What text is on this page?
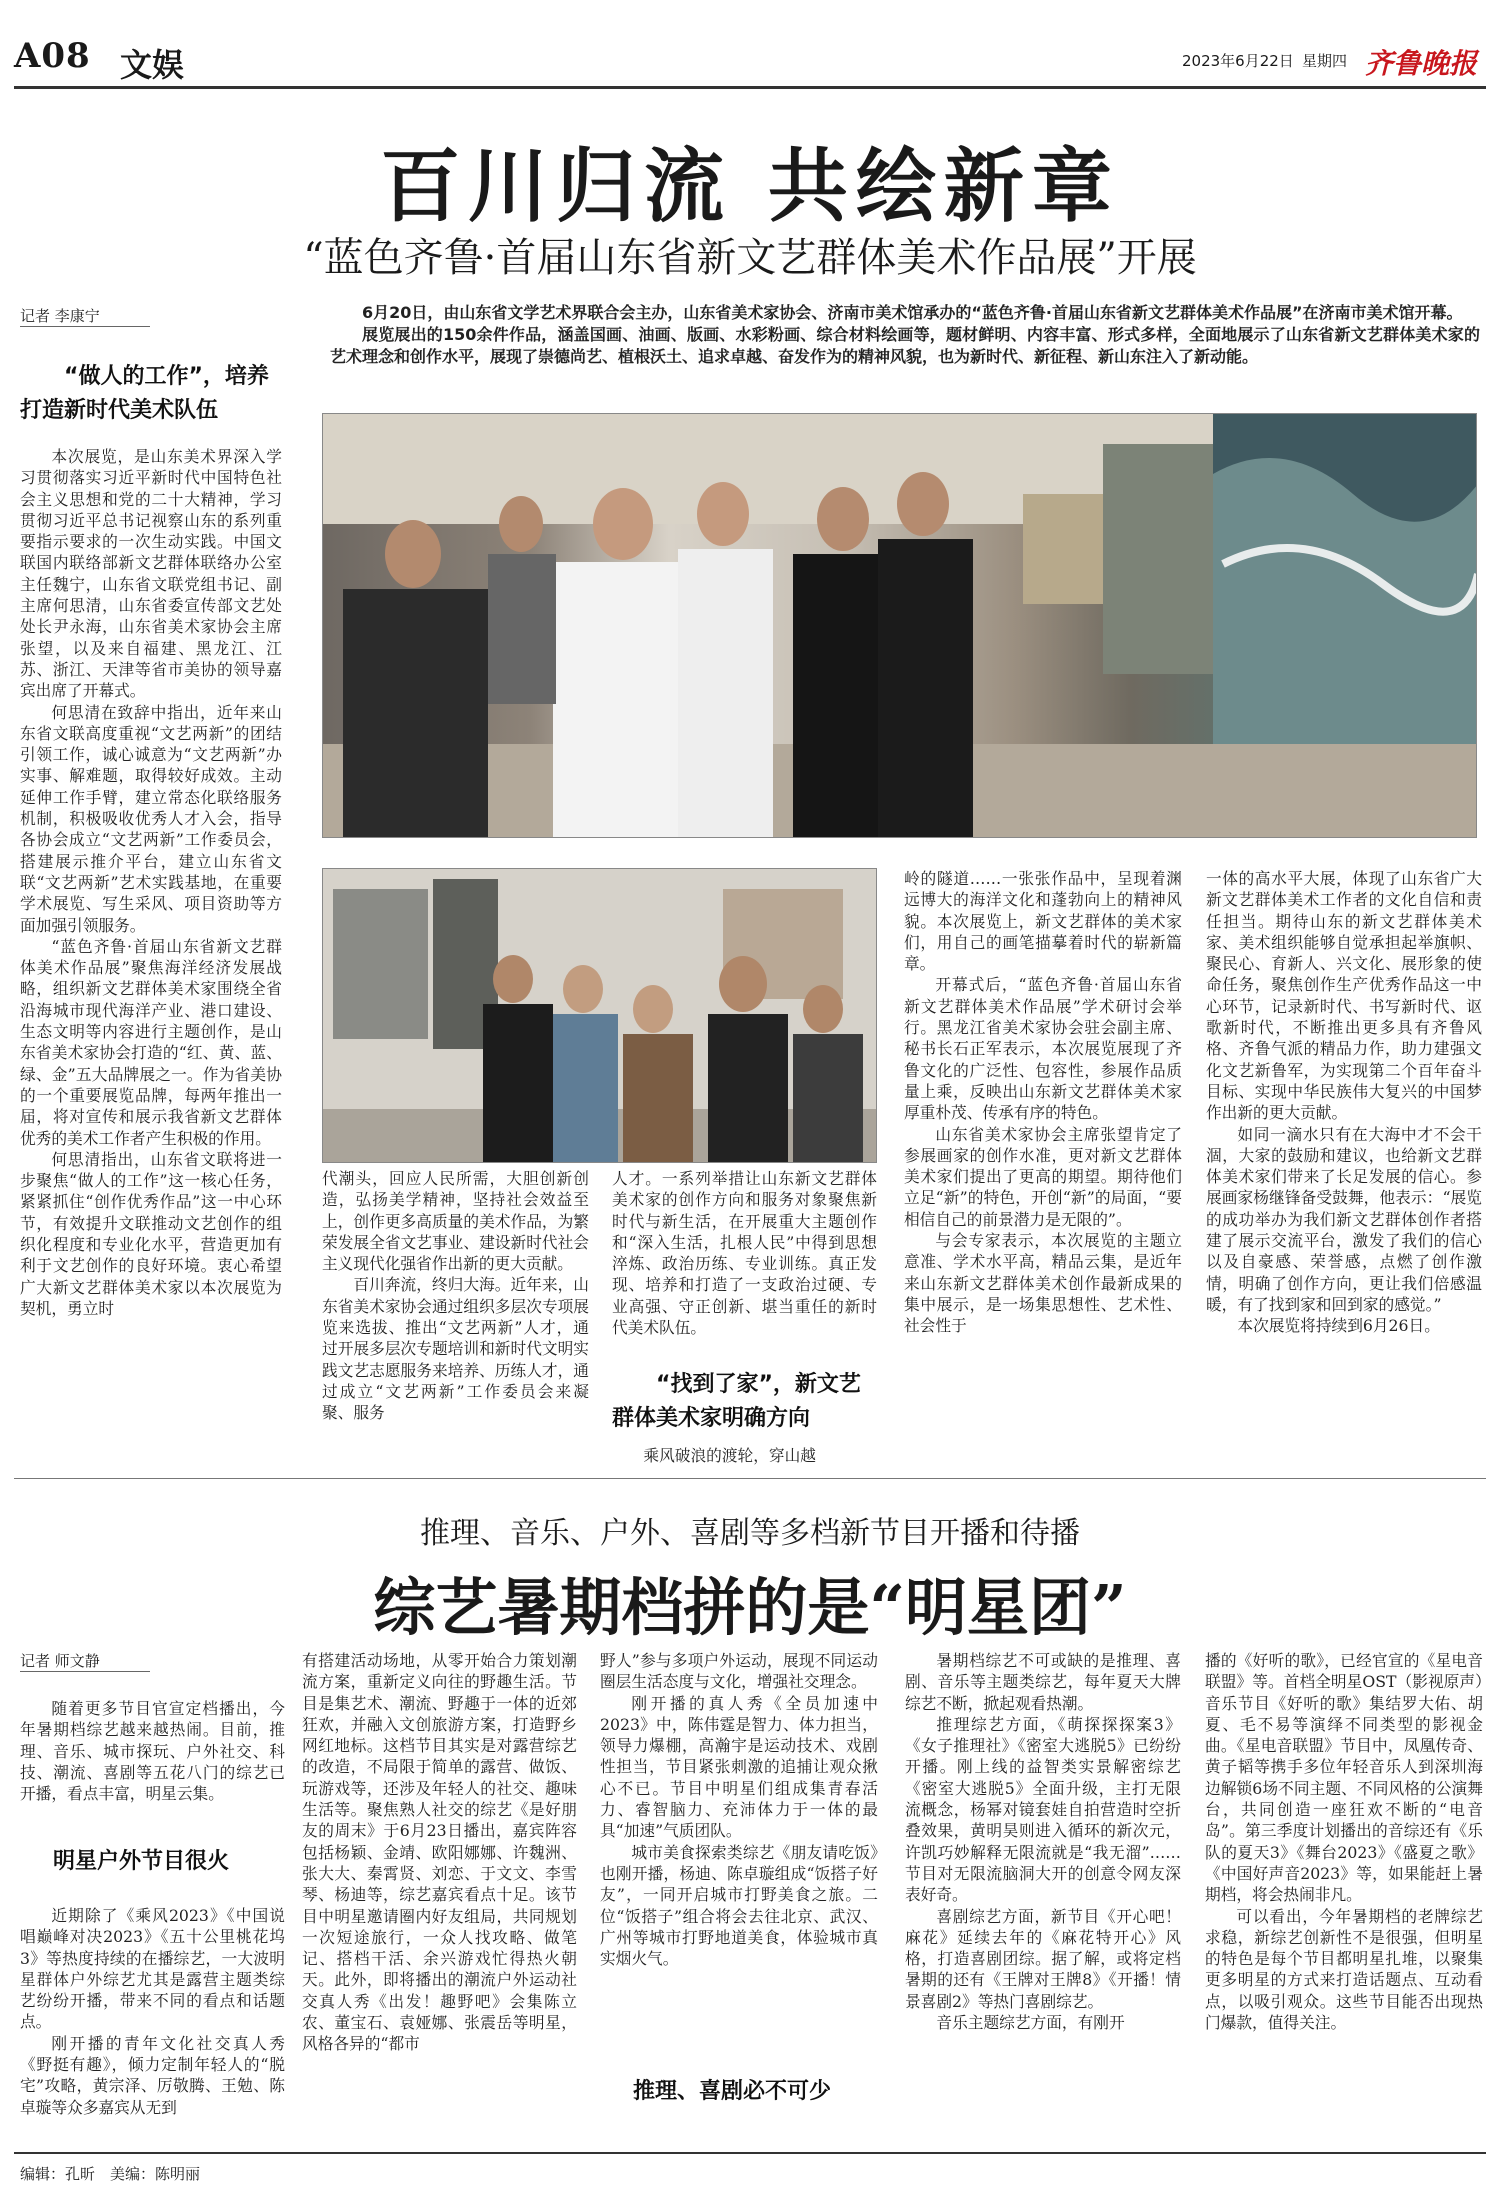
A08 文娱	2023年6月22日 星期四 齐鲁晚报
百川归流 共绘新章
“蓝色齐鲁·首届山东省新文艺群体美术作品展”开展
记者 李康宁	6月20日，由山东省文学艺术界联合会主办，山东省美术家协会、济南市美术馆承办的“蓝色齐鲁·首届山东省新文艺群体美术作品展”在济南市美术馆开幕。

展览展出的150余件作品，涵盖国画、油画、版画、水彩粉画、综合材料绘画等，题材鲜明、内容丰富、形式多样，全面地展示了山东省新文艺群体美术家的艺术理念和创作水平，展现了崇德尚艺、植根沃土、追求卓越、奋发作为的精神风貌，也为新时代、新征程、新山东注入了新动能。

“做人的工作”，培养打造新时代美术队伍

本次展览，是山东美术界深入学习贯彻落实习近平新时代中国特色社会主义思想和党的二十大精神，学习贯彻习近平总书记视察山东的系列重要指示要求的一次生动实践。中国文联国内联络部新文艺群体联络办公室主任魏宁，山东省文联党组书记、副主席何思清，山东省委宣传部文艺处处长尹永海，山东省美术家协会主席张望，以及来自福建、黑龙江、江苏、浙江、天津等省市美协的领导嘉宾出席了开幕式。

何思清在致辞中指出，近年来山东省文联高度重视“文艺两新”的团结引领工作，诚心诚意为“文艺两新”办实事、解难题，取得较好成效。主动延伸工作手臂，建立常态化联络服务机制，积极吸收优秀人才入会，指导各协会成立“文艺两新”工作委员会，搭建展示推介平台，建立山东省文联“文艺两新”艺术实践基地，在重要学术展览、写生采风、项目资助等方面加强引领服务。

“蓝色齐鲁·首届山东省新文艺群体美术作品展”聚焦海洋经济发展战略，组织新文艺群体美术家围绕全省沿海城市现代海洋产业、港口建设、生态文明等内容进行主题创作，是山东省美术家协会打造的“红、黄、蓝、绿、金”五大品牌展之一。作为省美协的一个重要展览品牌，每两年推出一届，将对宣传和展示我省新文艺群体优秀的美术工作者产生积极的作用。

何思清指出，山东省文联将进一步聚焦“做人的工作”这一核心任务，紧紧抓住“创作优秀作品”这一中心环节，有效提升文联推动文艺创作的组织化程度和专业化水平，营造更加有利于文艺创作的良好环境。衷心希望广大新文艺群体美术家以本次展览为契机，勇立时

代潮头，回应人民所需，大胆创新创造，弘扬美学精神，坚持社会效益至上，创作更多高质量的美术作品，为繁荣发展全省文艺事业、建设新时代社会主义现代化强省作出新的更大贡献。

百川奔流，终归大海。近年来，山东省美术家协会通过组织多层次专项展览来选拔、推出“文艺两新”人才，通过开展多层次专题培训和新时代文明实践文艺志愿服务来培养、历练人才，通过成立“文艺两新”工作委员会来凝聚、服务

人才。一系列举措让山东新文艺群体美术家的创作方向和服务对象聚焦新时代与新生活，在开展重大主题创作和“深入生活，扎根人民”中得到思想淬炼、政治历练、专业训练。真正发现、培养和打造了一支政治过硬、专业高强、守正创新、堪当重任的新时代美术队伍。

“找到了家”，新文艺群体美术家明确方向

乘风破浪的渡轮，穿山越

岭的隧道……一张张作品中，呈现着渊远博大的海洋文化和蓬勃向上的精神风貌。本次展览上，新文艺群体的美术家们，用自己的画笔描摹着时代的崭新篇章。

开幕式后，“蓝色齐鲁·首届山东省新文艺群体美术作品展”学术研讨会举行。黑龙江省美术家协会驻会副主席、秘书长石正军表示，本次展览展现了齐鲁文化的广泛性、包容性，参展作品质量上乘，反映出山东新文艺群体美术家厚重朴茂、传承有序的特色。

山东省美术家协会主席张望肯定了参展画家的创作水准，更对新文艺群体美术家们提出了更高的期望。期待他们立足“新”的特色，开创“新”的局面，“要相信自己的前景潜力是无限的”。

与会专家表示，本次展览的主题立意准、学术水平高，精品云集，是近年来山东新文艺群体美术创作最新成果的集中展示，是一场集思想性、艺术性、社会性于

一体的高水平大展，体现了山东省广大新文艺群体美术工作者的文化自信和责任担当。期待山东的新文艺群体美术家、美术组织能够自觉承担起举旗帜、聚民心、育新人、兴文化、展形象的使命任务，聚焦创作生产优秀作品这一中心环节，记录新时代、书写新时代、讴歌新时代，不断推出更多具有齐鲁风格、齐鲁气派的精品力作，助力建强文化文艺新鲁军，为实现第二个百年奋斗目标、实现中华民族伟大复兴的中国梦作出新的更大贡献。

如同一滴水只有在大海中才不会干涸，大家的鼓励和建议，也给新文艺群体美术家们带来了长足发展的信心。参展画家杨继锋备受鼓舞，他表示：“展览的成功举办为我们新文艺群体创作者搭建了展示交流平台，激发了我们的信心以及自豪感、荣誉感，点燃了创作激情，明确了创作方向，更让我们倍感温暖，有了找到家和回到家的感觉。”

本次展览将持续到6月26日。

推理、音乐、户外、喜剧等多档新节目开播和待播
综艺暑期档拼的是“明星团”
记者 师文静

随着更多节目官宣定档播出，今年暑期档综艺越来越热闹。目前，推理、音乐、城市探玩、户外社交、科技、潮流、喜剧等五花八门的综艺已开播，看点丰富，明星云集。

明星户外节目很火

近期除了《乘风2023》《中国说唱巅峰对决2023》《五十公里桃花坞3》等热度持续的在播综艺，一大波明星群体户外综艺尤其是露营主题类综艺纷纷开播，带来不同的看点和话题点。

刚开播的青年文化社交真人秀《野挺有趣》，倾力定制年轻人的“脱宅”攻略，黄宗泽、厉敬腾、王勉、陈卓璇等众多嘉宾从无到

有搭建活动场地，从零开始合力策划潮流方案，重新定义向往的野趣生活。节目是集艺术、潮流、野趣于一体的近郊狂欢，并融入文创旅游方案，打造野乡网红地标。这档节目其实是对露营综艺的改造，不局限于简单的露营、做饭、玩游戏等，还涉及年轻人的社交、趣味生活等。聚焦熟人社交的综艺《是好朋友的周末》于6月23日播出，嘉宾阵容包括杨颖、金靖、欧阳娜娜、许魏洲、张大大、秦霄贤、刘恋、于文文、李雪琴、杨迪等，综艺嘉宾看点十足。该节目中明星邀请圈内好友组局，共同规划一次短途旅行，一众人找攻略、做笔记、搭档干活、余兴游戏忙得热火朝天。此外，即将播出的潮流户外运动社交真人秀《出发！趣野吧》会集陈立农、董宝石、袁娅娜、张震岳等明星，风格各异的“都市

野人”参与多项户外运动，展现不同运动圈层生活态度与文化，增强社交理念。

刚开播的真人秀《全员加速中2023》中，陈伟霆是智力、体力担当，领导力爆棚，高瀚宇是运动技术、戏剧性担当，节目紧张刺激的追捕让观众揪心不已。节目中明星们组成集青春活力、睿智脑力、充沛体力于一体的最具“加速”气质团队。

城市美食探索类综艺《朋友请吃饭》也刚开播，杨迪、陈卓璇组成“饭搭子好友”，一同开启城市打野美食之旅。二位“饭搭子”组合将会去往北京、武汉、广州等城市打野地道美食，体验城市真实烟火气。

推理、喜剧必不可少

暑期档综艺不可或缺的是推理、喜剧、音乐等主题类综艺，每年夏天大牌综艺不断，掀起观看热潮。

推理综艺方面，《萌探探探案3》《女子推理社》《密室大逃脱5》已纷纷开播。刚上线的益智类实景解密综艺《密室大逃脱5》全面升级，主打无限流概念，杨幂对镜套娃自拍营造时空折叠效果，黄明昊则进入循环的新次元，许凯巧妙解释无限流就是“我无溜”……节目对无限流脑洞大开的创意令网友深表好奇。

喜剧综艺方面，新节目《开心吧！麻花》延续去年的《麻花特开心》风格，打造喜剧团综。据了解，或将定档暑期的还有《王牌对王牌8》《开播！情景喜剧2》等热门喜剧综艺。

音乐主题综艺方面，有刚开

播的《好听的歌》，已经官宣的《星电音联盟》等。首档全明星OST（影视原声）音乐节目《好听的歌》集结罗大佑、胡夏、毛不易等演绎不同类型的影视金曲。《星电音联盟》节目中，凤凰传奇、黄子韬等携手多位年轻音乐人到深圳海边解锁6场不同主题、不同风格的公演舞台，共同创造一座狂欢不断的“电音岛”。第三季度计划播出的音综还有《乐队的夏天3》《舞台2023》《盛夏之歌》《中国好声音2023》等，如果能赶上暑期档，将会热闹非凡。

可以看出，今年暑期档的老牌综艺求稳，新综艺创新性不是很强，但明星的特色是每个节目都明星扎堆，以聚集更多明星的方式来打造话题点、互动看点，以吸引观众。这些节目能否出现热门爆款，值得关注。

编辑：孔昕 美编：陈明丽
